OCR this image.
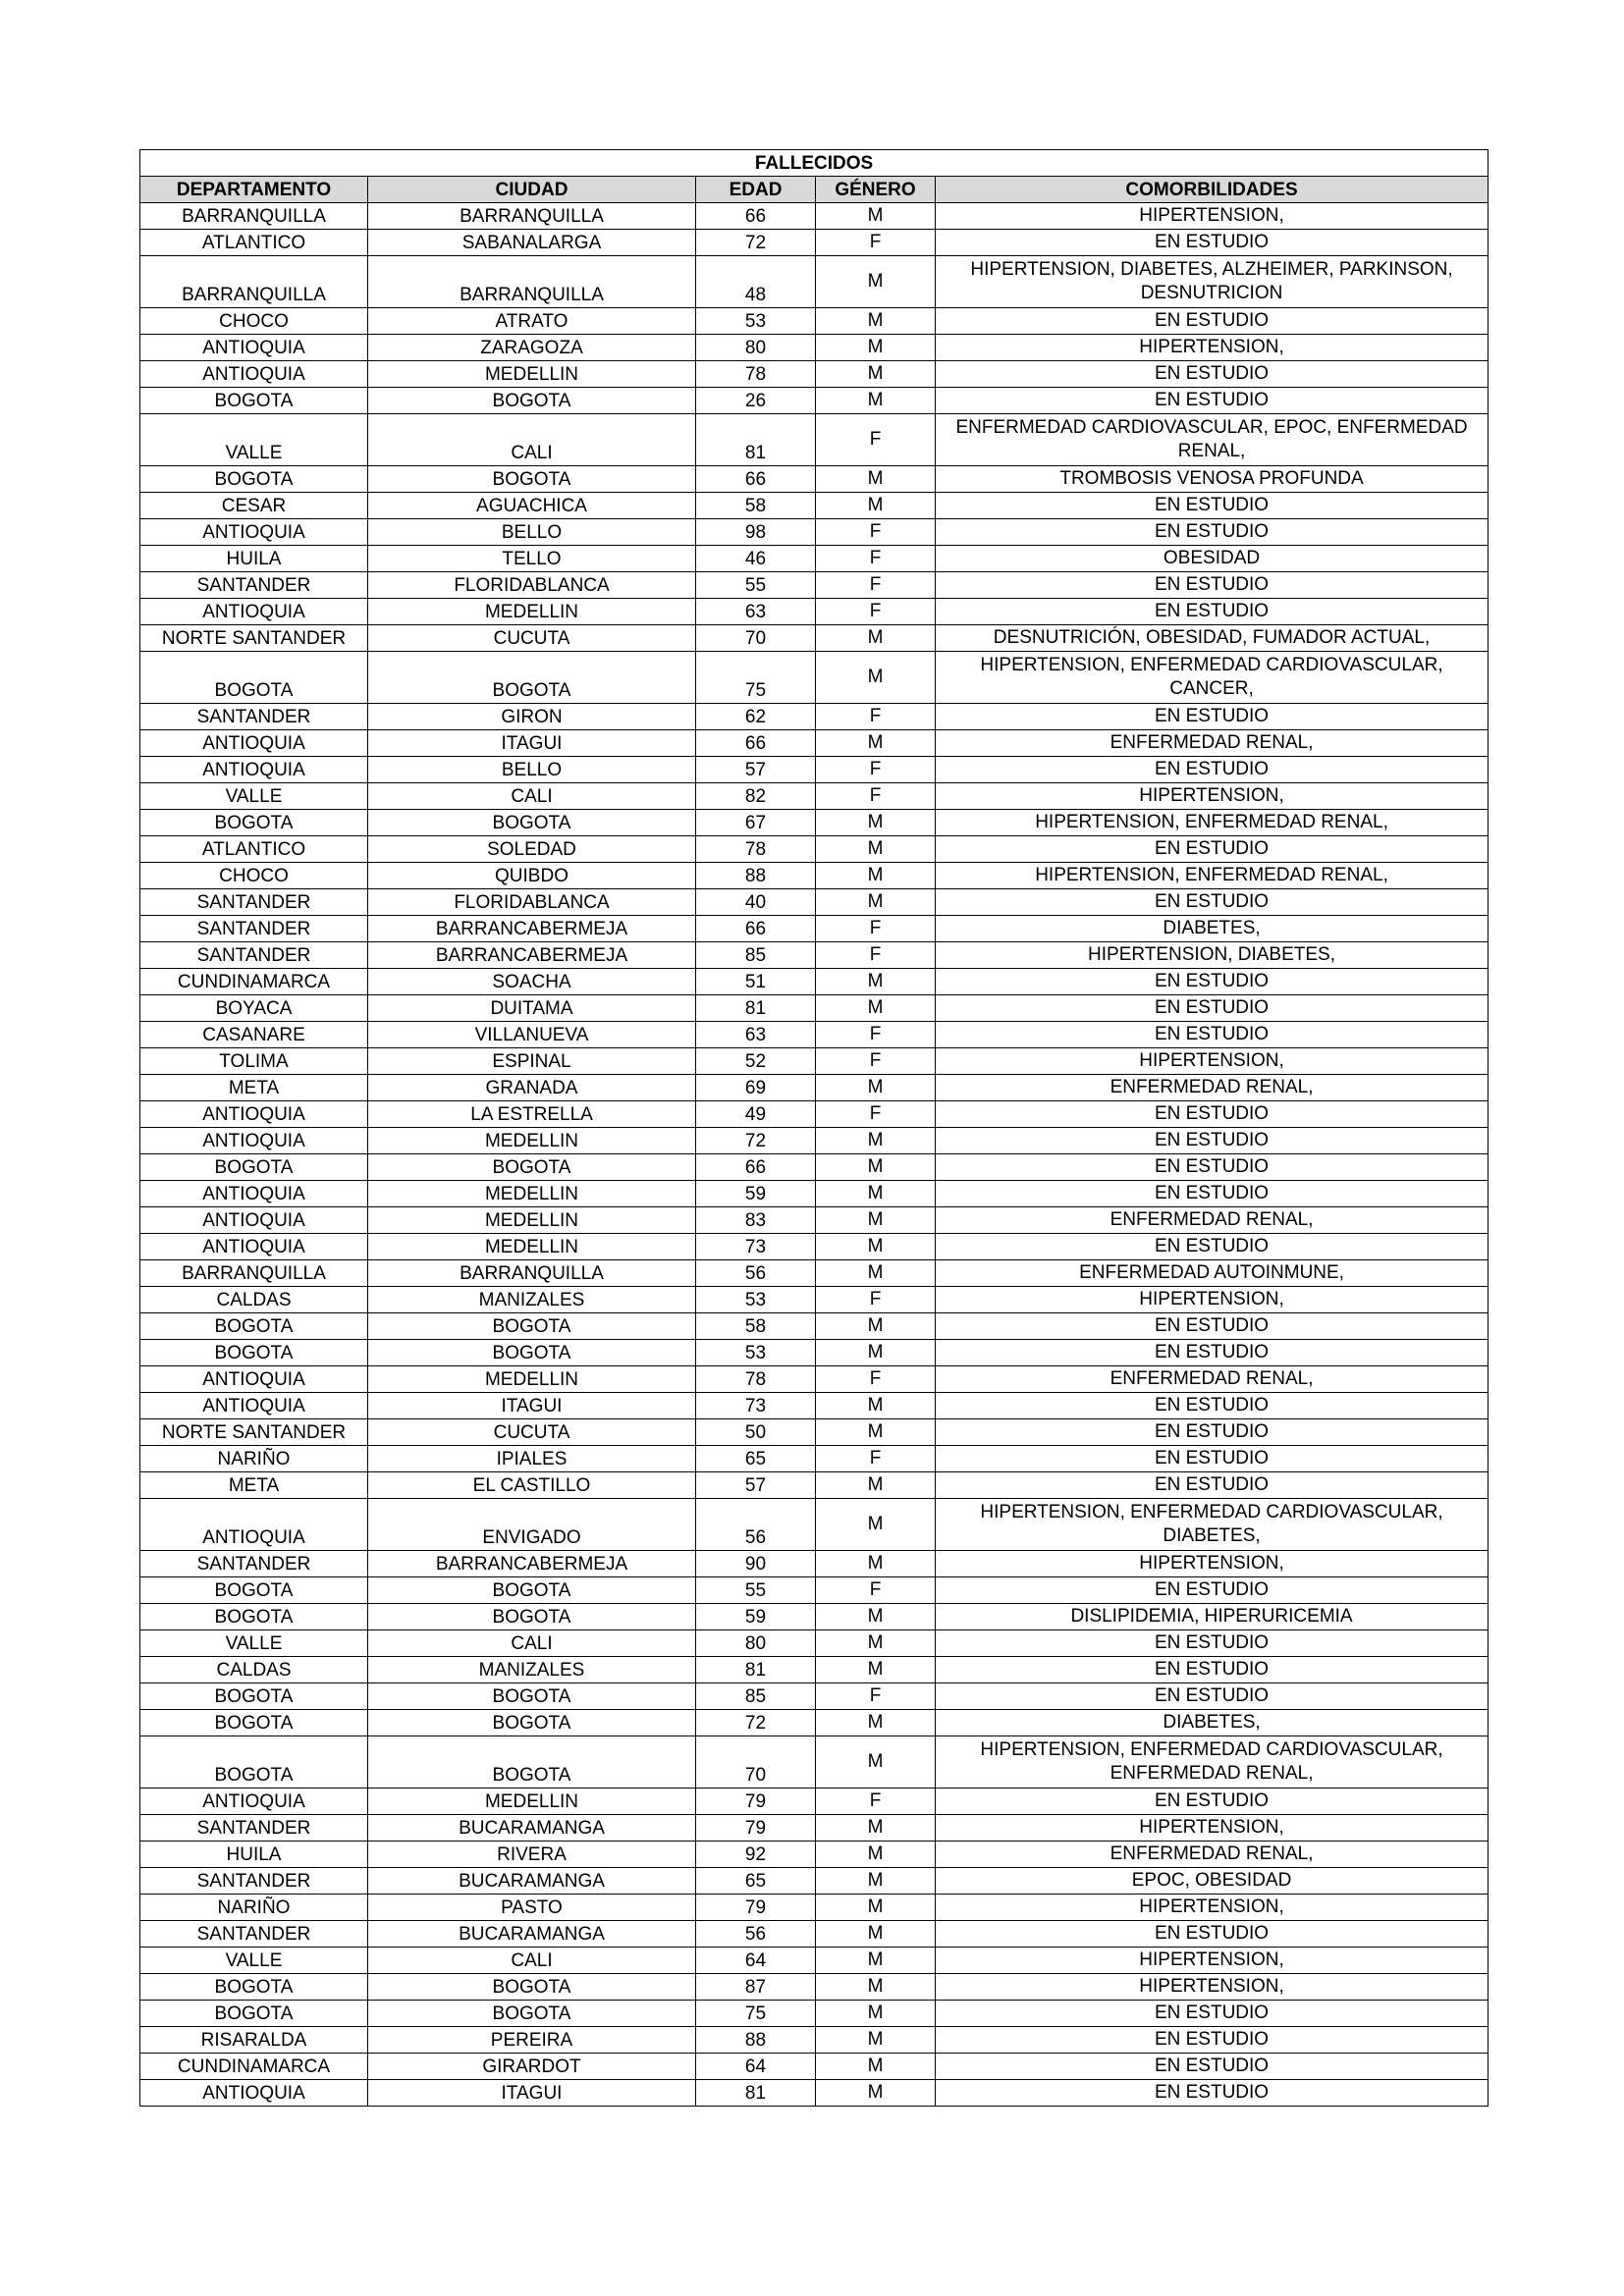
FALLECIDOS				
DEPARTAMENTO	CIUDAD	EDAD	GÉNERO	COMORBILIDADES
BARRANQUILLA	BARRANQUILLA	66	M	HIPERTENSION,
ATLANTICO	SABANALARGA	72	F	EN ESTUDIO
BARRANQUILLA	BARRANQUILLA	48	M	HIPERTENSION, DIABETES, ALZHEIMER, PARKINSON, DESNUTRICION
CHOCO	ATRATO	53	M	EN ESTUDIO
ANTIOQUIA	ZARAGOZA	80	M	HIPERTENSION,
ANTIOQUIA	MEDELLIN	78	M	EN ESTUDIO
BOGOTA	BOGOTA	26	M	EN ESTUDIO
VALLE	CALI	81	F	ENFERMEDAD CARDIOVASCULAR, EPOC, ENFERMEDAD RENAL,
BOGOTA	BOGOTA	66	M	TROMBOSIS VENOSA PROFUNDA
CESAR	AGUACHICA	58	M	EN ESTUDIO
ANTIOQUIA	BELLO	98	F	EN ESTUDIO
HUILA	TELLO	46	F	OBESIDAD
SANTANDER	FLORIDABLANCA	55	F	EN ESTUDIO
ANTIOQUIA	MEDELLIN	63	F	EN ESTUDIO
NORTE SANTANDER	CUCUTA	70	M	DESNUTRICIÓN, OBESIDAD, FUMADOR ACTUAL,
BOGOTA	BOGOTA	75	M	HIPERTENSION, ENFERMEDAD CARDIOVASCULAR, CANCER,
SANTANDER	GIRON	62	F	EN ESTUDIO
ANTIOQUIA	ITAGUI	66	M	ENFERMEDAD RENAL,
ANTIOQUIA	BELLO	57	F	EN ESTUDIO
VALLE	CALI	82	F	HIPERTENSION,
BOGOTA	BOGOTA	67	M	HIPERTENSION, ENFERMEDAD RENAL,
ATLANTICO	SOLEDAD	78	M	EN ESTUDIO
CHOCO	QUIBDO	88	M	HIPERTENSION, ENFERMEDAD RENAL,
SANTANDER	FLORIDABLANCA	40	M	EN ESTUDIO
SANTANDER	BARRANCABERMEJA	66	F	DIABETES,
SANTANDER	BARRANCABERMEJA	85	F	HIPERTENSION, DIABETES,
CUNDINAMARCA	SOACHA	51	M	EN ESTUDIO
BOYACA	DUITAMA	81	M	EN ESTUDIO
CASANARE	VILLANUEVA	63	F	EN ESTUDIO
TOLIMA	ESPINAL	52	F	HIPERTENSION,
META	GRANADA	69	M	ENFERMEDAD RENAL,
ANTIOQUIA	LA ESTRELLA	49	F	EN ESTUDIO
ANTIOQUIA	MEDELLIN	72	M	EN ESTUDIO
BOGOTA	BOGOTA	66	M	EN ESTUDIO
ANTIOQUIA	MEDELLIN	59	M	EN ESTUDIO
ANTIOQUIA	MEDELLIN	83	M	ENFERMEDAD RENAL,
ANTIOQUIA	MEDELLIN	73	M	EN ESTUDIO
BARRANQUILLA	BARRANQUILLA	56	M	ENFERMEDAD AUTOINMUNE,
CALDAS	MANIZALES	53	F	HIPERTENSION,
BOGOTA	BOGOTA	58	M	EN ESTUDIO
BOGOTA	BOGOTA	53	M	EN ESTUDIO
ANTIOQUIA	MEDELLIN	78	F	ENFERMEDAD RENAL,
ANTIOQUIA	ITAGUI	73	M	EN ESTUDIO
NORTE SANTANDER	CUCUTA	50	M	EN ESTUDIO
NARIÑO	IPIALES	65	F	EN ESTUDIO
META	EL CASTILLO	57	M	EN ESTUDIO
ANTIOQUIA	ENVIGADO	56	M	HIPERTENSION, ENFERMEDAD CARDIOVASCULAR, DIABETES,
SANTANDER	BARRANCABERMEJA	90	M	HIPERTENSION,
BOGOTA	BOGOTA	55	F	EN ESTUDIO
BOGOTA	BOGOTA	59	M	DISLIPIDEMIA, HIPERURICEMIA
VALLE	CALI	80	M	EN ESTUDIO
CALDAS	MANIZALES	81	M	EN ESTUDIO
BOGOTA	BOGOTA	85	F	EN ESTUDIO
BOGOTA	BOGOTA	72	M	DIABETES,
BOGOTA	BOGOTA	70	M	HIPERTENSION, ENFERMEDAD CARDIOVASCULAR, ENFERMEDAD RENAL,
ANTIOQUIA	MEDELLIN	79	F	EN ESTUDIO
SANTANDER	BUCARAMANGA	79	M	HIPERTENSION,
HUILA	RIVERA	92	M	ENFERMEDAD RENAL,
SANTANDER	BUCARAMANGA	65	M	EPOC, OBESIDAD
NARIÑO	PASTO	79	M	HIPERTENSION,
SANTANDER	BUCARAMANGA	56	M	EN ESTUDIO
VALLE	CALI	64	M	HIPERTENSION,
BOGOTA	BOGOTA	87	M	HIPERTENSION,
BOGOTA	BOGOTA	75	M	EN ESTUDIO
RISARALDA	PEREIRA	88	M	EN ESTUDIO
CUNDINAMARCA	GIRARDOT	64	M	EN ESTUDIO
ANTIOQUIA	ITAGUI	81	M	EN ESTUDIO
